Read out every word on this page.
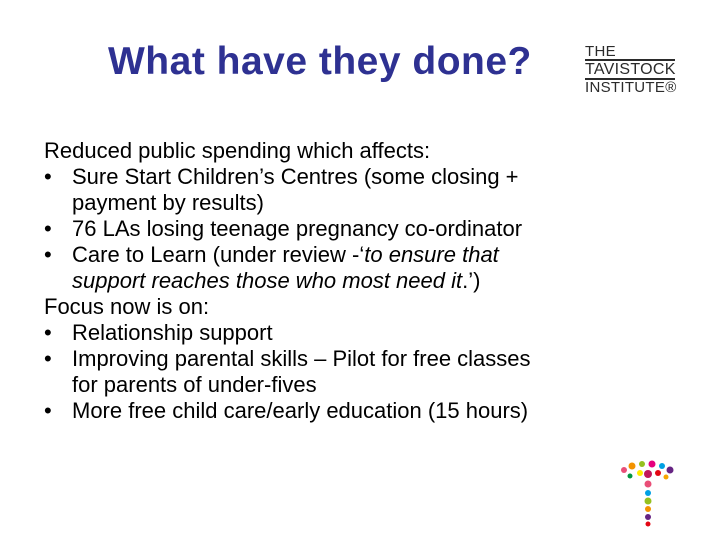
What have they done?	THE
TAVISTOCK
INSTITUTE®

Reduced public spending which affects:

• Sure Start Children’s Centres (some closing +
payment by results)
• 76 LAs losing teenage pregnancy co-ordinator
• Care to Learn (under review -‘to ensure that
support reaches those who most need it.’)

Focus now is on:

• Relationship support
• Improving parental skills – Pilot for free classes
for parents of under-fives
• More free child care/early education (15 hours)
